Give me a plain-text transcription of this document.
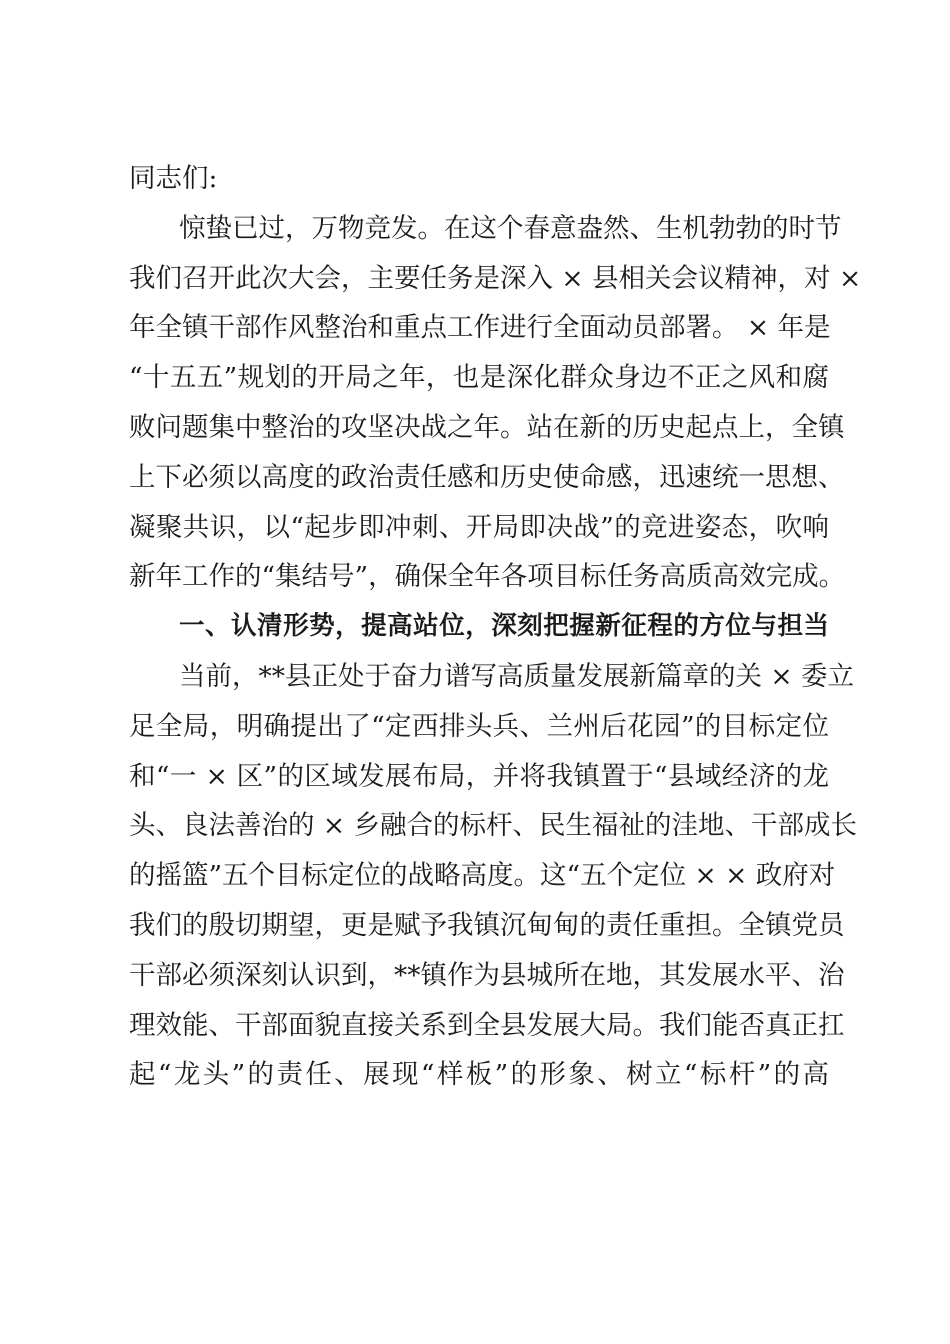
同志们:
惊蛰已过，万物竞发。在这个春意盎然、生机勃勃的时节
我们召开此次大会，主要任务是深入 × 县相关会议精神，对 ×
年全镇干部作风整治和重点工作进行全面动员部署。 × 年是
“十五五”规划的开局之年，也是深化群众身边不正之风和腐
败问题集中整治的攻坚决战之年。站在新的历史起点上，全镇
上下必须以高度的政治责任感和历史使命感，迅速统一思想、
凝聚共识，以“起步即冲刺、开局即决战”的竞进姿态，吹响
新年工作的“集结号”，确保全年各项目标任务高质高效完成。
一、认清形势，提高站位，深刻把握新征程的方位与担当
当前，**县正处于奋力谱写高质量发展新篇章的关 × 委立
足全局，明确提出了“定西排头兵、兰州后花园”的目标定位
和“一 × 区”的区域发展布局，并将我镇置于“县域经济的龙
头、良法善治的 × 乡融合的标杆、民生福祉的洼地、干部成长
的摇篮”五个目标定位的战略高度。这“五个定位 × × 政府对
我们的殷切期望，更是赋予我镇沉甸甸的责任重担。全镇党员
干部必须深刻认识到，**镇作为县城所在地，其发展水平、治
理效能、干部面貌直接关系到全县发展大局。我们能否真正扛
起“龙头”的责任、展现“样板”的形象、树立“标杆”的高
